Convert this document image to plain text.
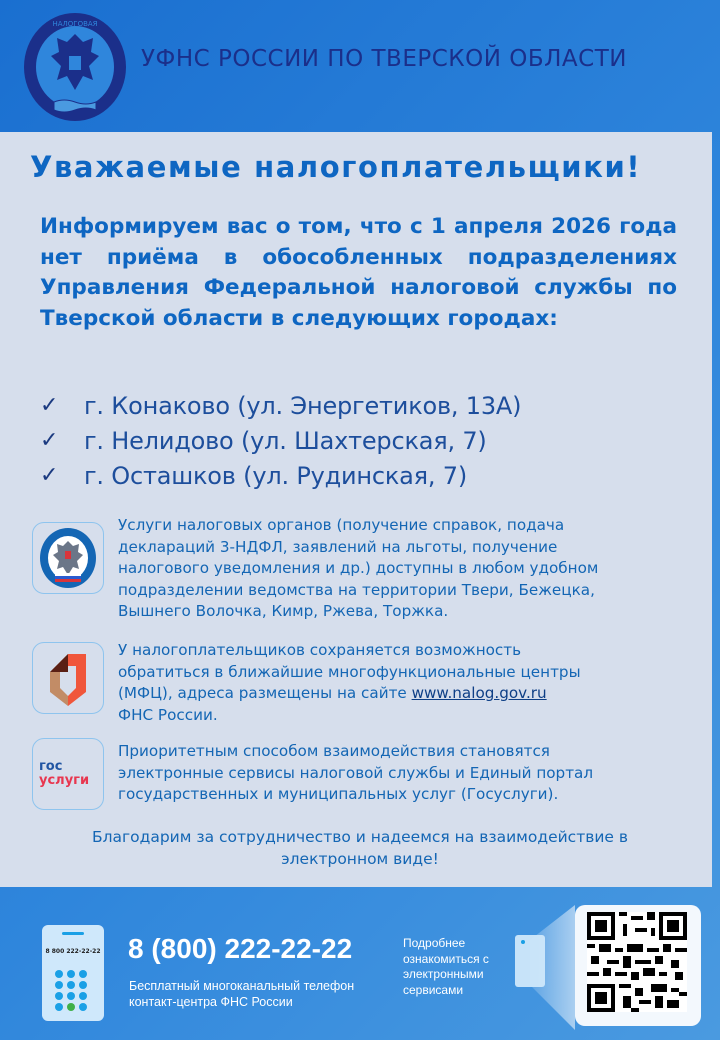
НАЛОГОВАЯ
УФНС РОССИИ ПО ТВЕРСКОЙ ОБЛАСТИ
Уважаемые налогоплательщики!
Информируем вас о том, что с 1 апреля 2026 года нет приёма в обособленных подразделениях Управления Федеральной налоговой службы по Тверской области в следующих городах:
✓	г. Конаково (ул. Энергетиков, 13А)
✓	г. Нелидово (ул. Шахтерская, 7)
✓	г. Осташков (ул. Рудинская, 7)
Услуги налоговых органов (получение справок, подача
деклараций 3-НДФЛ, заявлений на льготы, получение
налогового уведомления и др.) доступны в любом удобном
подразделении ведомства на территории Твери, Бежецка,
Вышнего Волочка, Кимр, Ржева, Торжка.
У налогоплательщиков сохраняется возможность
обратиться в ближайшие многофункциональные центры
(МФЦ), адреса размещены на сайте www.nalog.gov.ru
ФНС России.
гос
услуги
Приоритетным способом взаимодействия становятся
электронные сервисы налоговой службы и Единый портал
государственных и муниципальных услуг (Госуслуги).
Благодарим за сотрудничество и надеемся на взаимодействие в
электронном виде!
8 800 222-22-22 8 (800) 222-22-22
Бесплатный многоканальный телефон
контакт-центра ФНС России
Подробнее
ознакомиться с
электронными
сервисами
